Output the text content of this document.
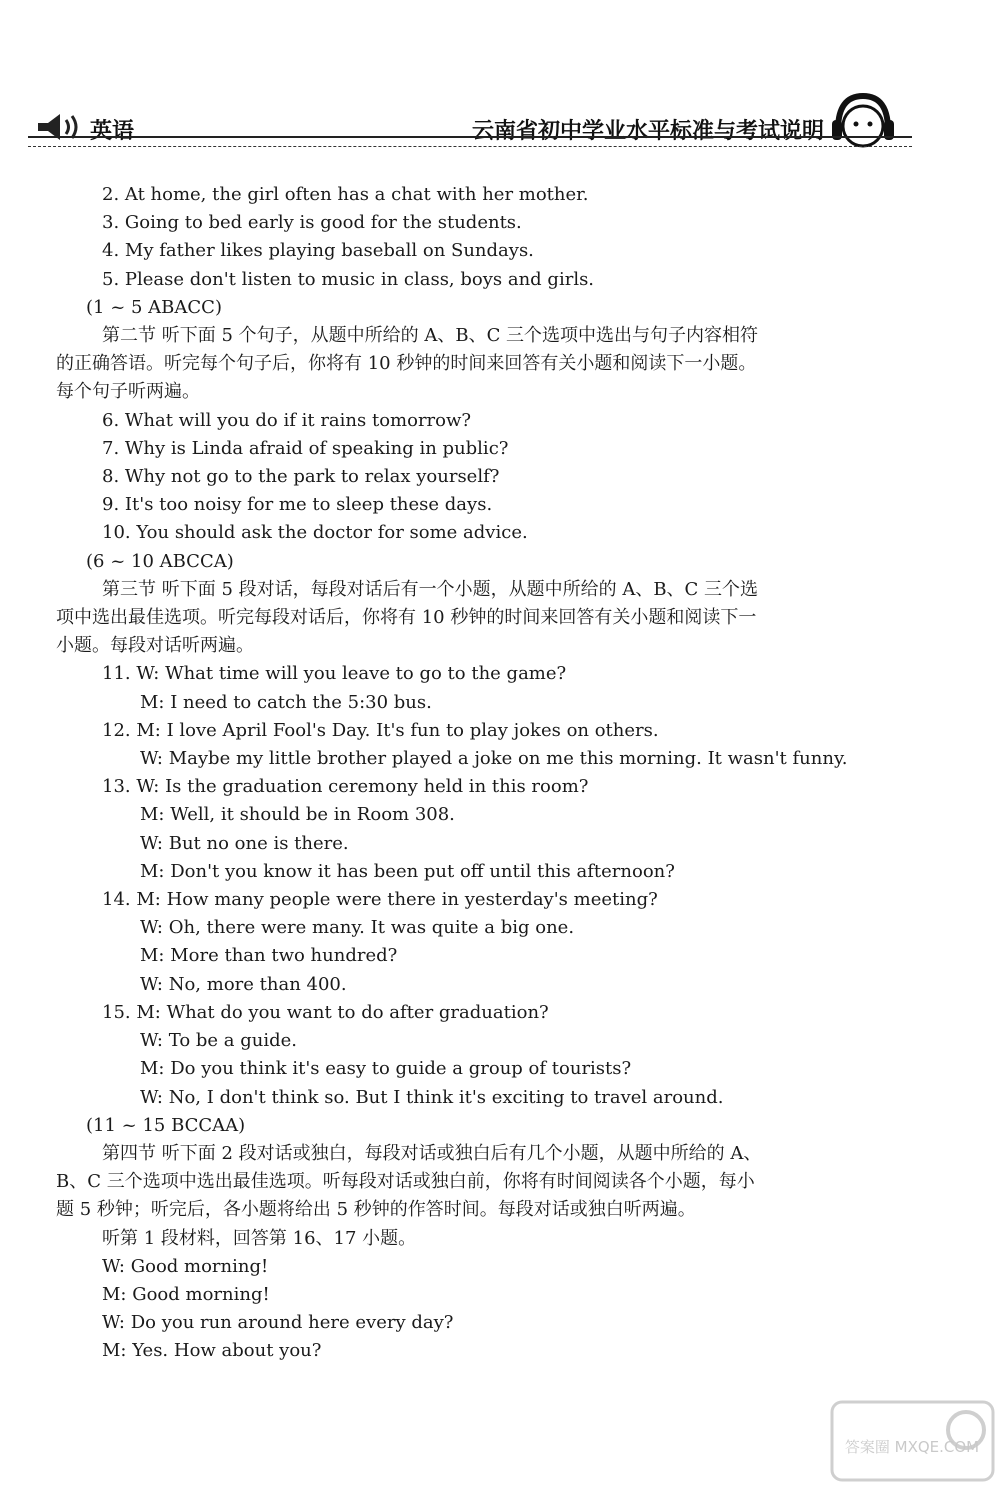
英语	云南省初中学业水平标准与考试说明
2. At home, the girl often has a chat with her mother.
3. Going to bed early is good for the students.
4. My father likes playing baseball on Sundays.
5. Please don't listen to music in class, boys and girls.
(1 ~ 5 ABACC)
第二节 听下面 5 个句子，从题中所给的 A、B、C 三个选项中选出与句子内容相符
的正确答语。听完每个句子后，你将有 10 秒钟的时间来回答有关小题和阅读下一小题。
每个句子听两遍。
6. What will you do if it rains tomorrow?
7. Why is Linda afraid of speaking in public?
8. Why not go to the park to relax yourself?
9. It's too noisy for me to sleep these days.
10. You should ask the doctor for some advice.
(6 ~ 10 ABCCA)
第三节 听下面 5 段对话，每段对话后有一个小题，从题中所给的 A、B、C 三个选
项中选出最佳选项。听完每段对话后，你将有 10 秒钟的时间来回答有关小题和阅读下一
小题。每段对话听两遍。
11. W: What time will you leave to go to the game?
M: I need to catch the 5:30 bus.
12. M: I love April Fool's Day. It's fun to play jokes on others.
W: Maybe my little brother played a joke on me this morning. It wasn't funny.
13. W: Is the graduation ceremony held in this room?
M: Well, it should be in Room 308.
W: But no one is there.
M: Don't you know it has been put off until this afternoon?
14. M: How many people were there in yesterday's meeting?
W: Oh, there were many. It was quite a big one.
M: More than two hundred?
W: No, more than 400.
15. M: What do you want to do after graduation?
W: To be a guide.
M: Do you think it's easy to guide a group of tourists?
W: No, I don't think so. But I think it's exciting to travel around.
(11 ~ 15 BCCAA)
第四节 听下面 2 段对话或独白，每段对话或独白后有几个小题，从题中所给的 A、
B、C 三个选项中选出最佳选项。听每段对话或独白前，你将有时间阅读各个小题，每小
题 5 秒钟；听完后，各小题将给出 5 秒钟的作答时间。每段对话或独白听两遍。
听第 1 段材料，回答第 16、17 小题。
W: Good morning!
M: Good morning!
W: Do you run around here every day?
M: Yes. How about you?
答案圈 MXQE.COM
